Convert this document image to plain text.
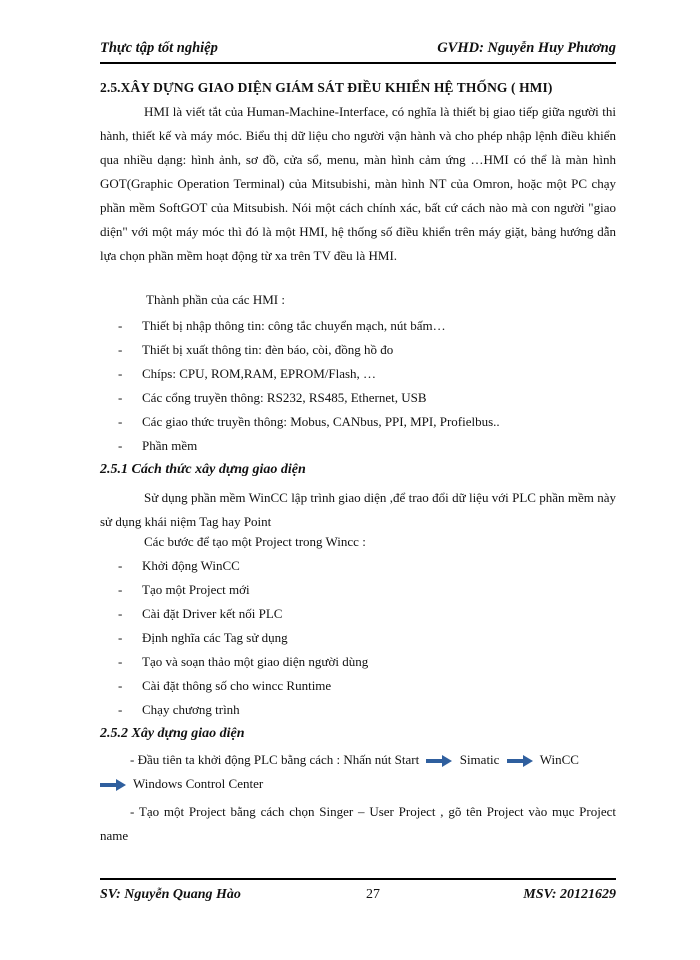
Thực tập tốt nghiệp	GVHD: Nguyễn Huy Phương
2.5.XÂY DỰNG GIAO DIỆN GIÁM SÁT ĐIỀU KHIỂN HỆ THỐNG ( HMI)
HMI là viết tắt của Human-Machine-Interface, có nghĩa là thiết bị giao tiếp giữa người thi hành, thiết kế và máy móc. Biểu thị dữ liệu cho người vận hành và cho phép nhập lệnh điều khiển qua nhiều dạng: hình ảnh, sơ đồ, cửa sổ, menu, màn hình cảm ứng …HMI có thể là màn hình GOT(Graphic Operation Terminal) của Mitsubishi, màn hình NT của Omron, hoặc một PC chạy phần mềm SoftGOT của Mitsubish. Nói một cách chính xác, bất cứ cách nào mà con người "giao diện" với một máy móc thì đó là một HMI, hệ thống số điều khiển trên máy giặt, bảng hướng dẫn lựa chọn phần mềm hoạt động từ xa trên TV đều là HMI.
Thành phần của các HMI :
- Thiết bị nhập thông tin: công tắc chuyển mạch, nút bấm…
- Thiết bị xuất thông tin: đèn báo, còi, đồng hồ đo
- Chíps: CPU, ROM,RAM, EPROM/Flash, …
- Các cổng truyền thông: RS232, RS485, Ethernet, USB
- Các giao thức truyền thông: Mobus, CANbus, PPI, MPI, Profielbus..
- Phần mềm
2.5.1 Cách thức xây dựng giao diện
Sử dụng phần mềm WinCC lập trình giao diện ,để trao đổi dữ liệu với PLC phần mềm này sử dụng khái niệm Tag hay Point
Các bước để tạo một Project trong Wincc :
- Khởi động WinCC
- Tạo một Project mới
- Cài đặt Driver kết nối PLC
- Định nghĩa các Tag sử dụng
- Tạo và soạn thảo một giao diện người dùng
- Cài đặt thông số cho wincc Runtime
- Chạy chương trình
2.5.2 Xây dựng giao diện
- Đầu tiên ta khởi động PLC bằng cách : Nhấn nút Start	Simatic	WinCC
Windows Control Center
- Tạo một Project bằng cách chọn Singer – User Project , gõ tên Project vào mục Project name
SV: Nguyễn Quang Hào	27	MSV: 20121629
